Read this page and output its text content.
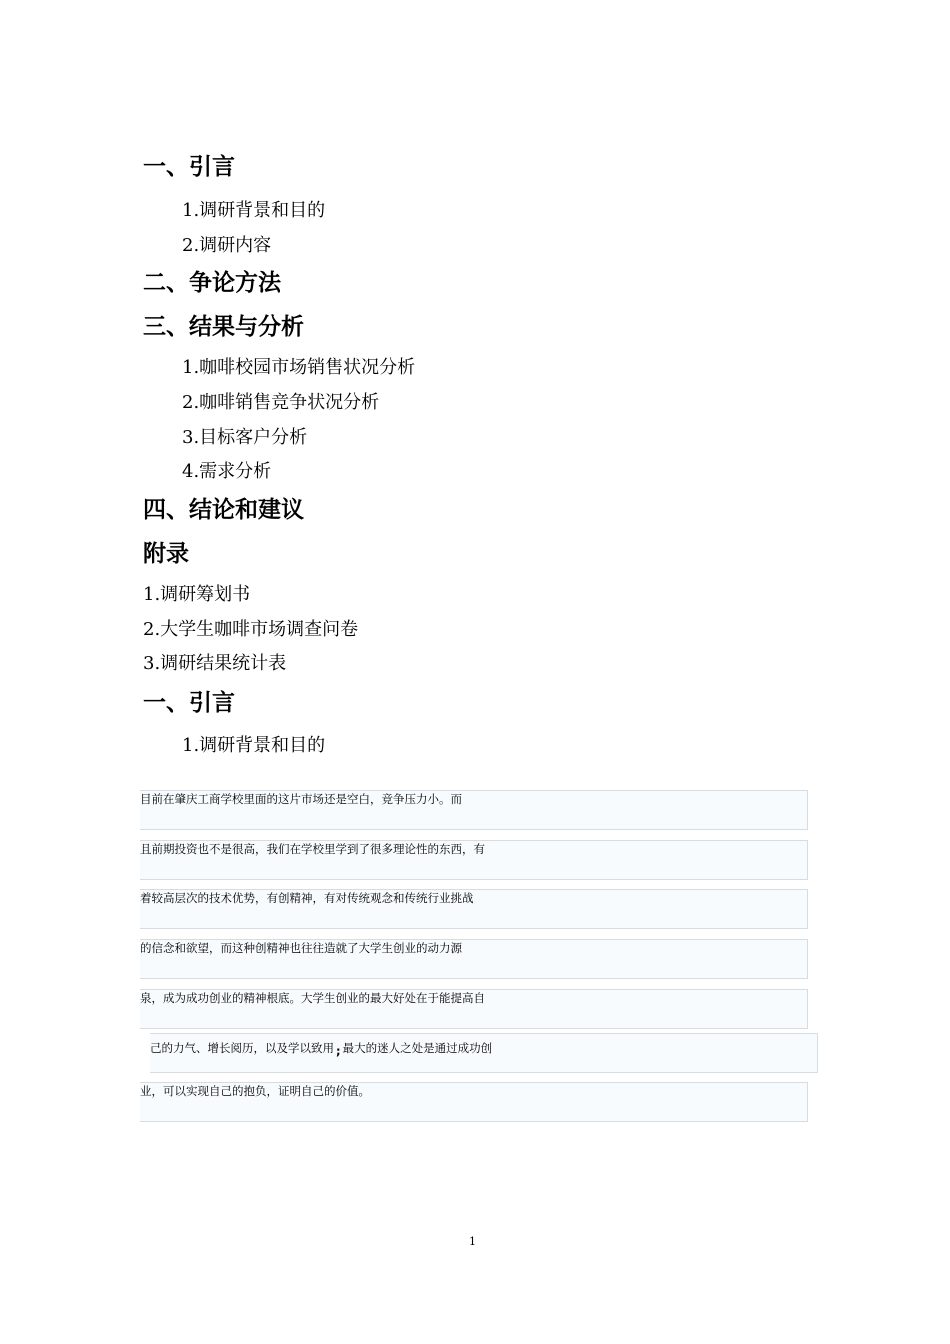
一、引言
1.调研背景和目的
2.调研内容
二、争论方法
三、结果与分析
1.咖啡校园市场销售状况分析
2.咖啡销售竞争状况分析
3.目标客户分析
4.需求分析
四、结论和建议
附录
1.调研筹划书
2.大学生咖啡市场调查问卷
3.调研结果统计表
一、引言
1.调研背景和目的
目前在肇庆工商学校里面的这片市场还是空白，竞争压力小。而
且前期投资也不是很高，我们在学校里学到了很多理论性的东西，有
着较高层次的技术优势，有创精神，有对传统观念和传统行业挑战
的信念和欲望，而这种创精神也往往造就了大学生创业的动力源
泉，成为成功创业的精神根底。大学生创业的最大好处在于能提高自
己的力气、增长阅历，以及学以致用 ; 最大的迷人之处是通过成功创
业，可以实现自己的抱负，证明自己的价值。
1
